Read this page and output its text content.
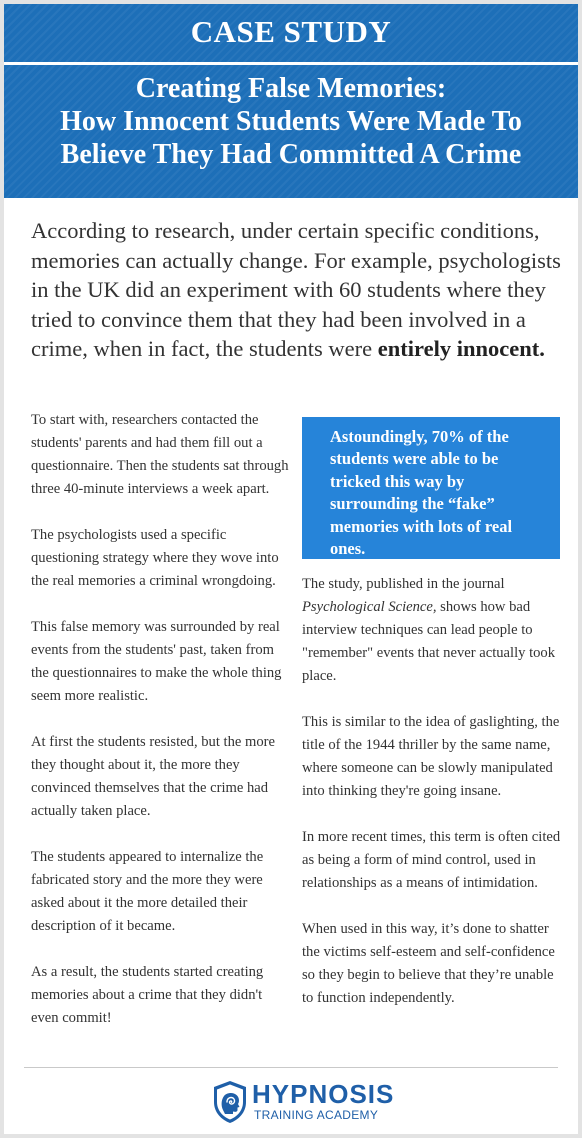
CASE STUDY
Creating False Memories:
How Innocent Students Were Made To
Believe They Had Committed A Crime
According to research, under certain specific conditions, memories can actually change. For example, psychologists in the UK did an experiment with 60 students where they tried to convince them that they had been involved in a crime, when in fact, the students were entirely innocent.

To start with, researchers contacted the students' parents and had them fill out a questionnaire. Then the students sat through three 40-minute interviews a week apart.

The psychologists used a specific questioning strategy where they wove into the real memories a criminal wrongdoing.

This false memory was surrounded by real events from the students' past, taken from the questionnaires to make the whole thing seem more realistic.

At first the students resisted, but the more they thought about it, the more they convinced themselves that the crime had actually taken place.

The students appeared to internalize the fabricated story and the more they were asked about it the more detailed their description of it became.

As a result, the students started creating memories about a crime that they didn't even commit!

Astoundingly, 70% of the students were able to be tricked this way by surrounding the “fake” memories with lots of real ones.

The study, published in the journal Psychological Science, shows how bad interview techniques can lead people to "remember" events that never actually took place.

This is similar to the idea of gaslighting, the title of the 1944 thriller by the same name, where someone can be slowly manipulated into thinking they're going insane.

In more recent times, this term is often cited as being a form of mind control, used in relationships as a means of intimidation.

When used in this way, it’s done to shatter the victims self-esteem and self-confidence so they begin to believe that they’re unable to function independently.

HYPNOSIS
TRAINING ACADEMY
